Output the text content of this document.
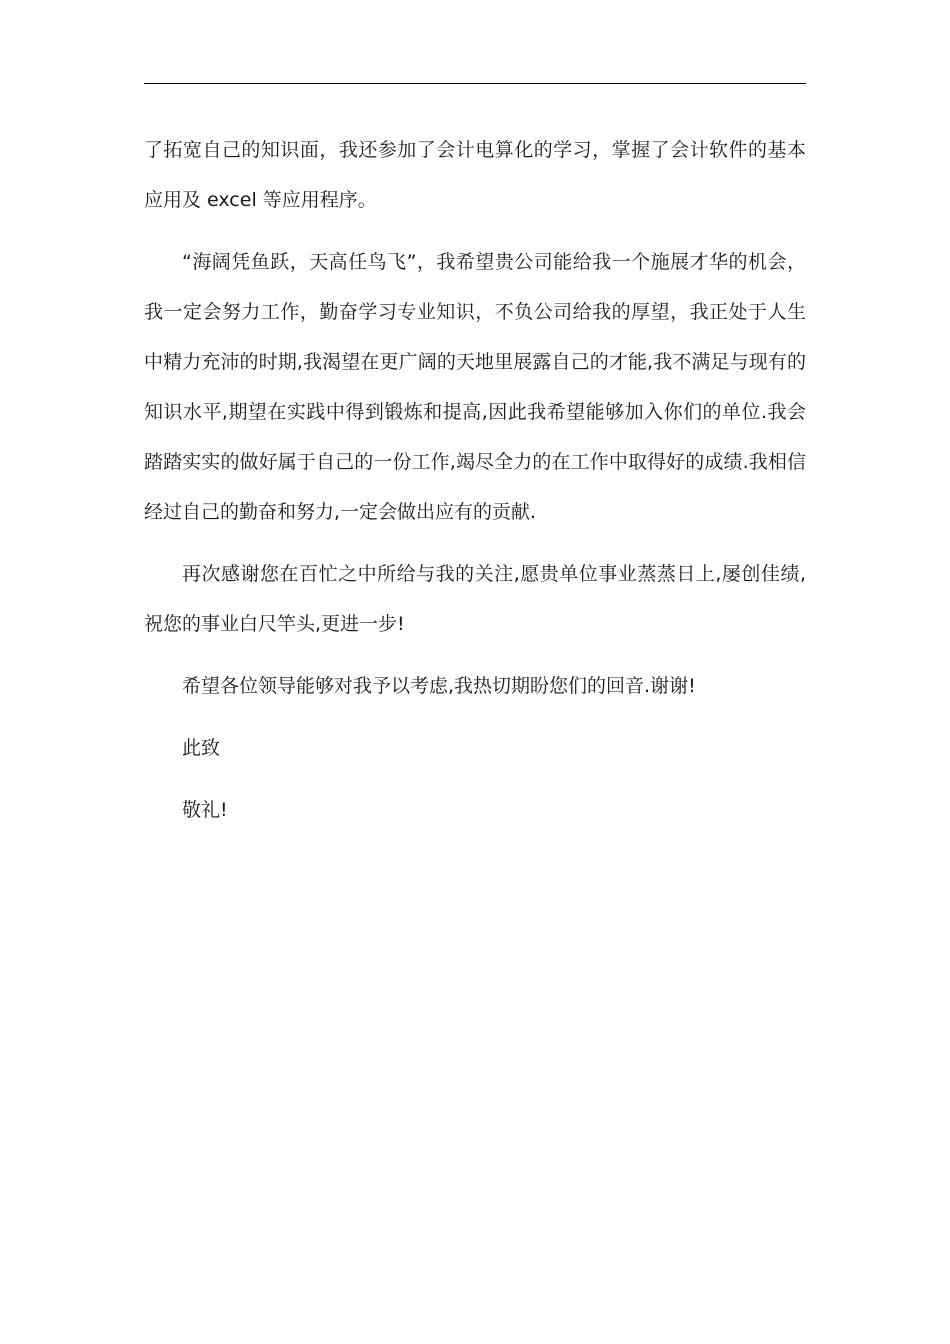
了拓宽自己的知识面，我还参加了会计电算化的学习，掌握了会计软件的基本应用及 excel 等应用程序。

“海阔凭鱼跃，天高任鸟飞”，我希望贵公司能给我一个施展才华的机会，我一定会努力工作，勤奋学习专业知识，不负公司给我的厚望，我正处于人生中精力充沛的时期,我渴望在更广阔的天地里展露自己的才能,我不满足与现有的知识水平,期望在实践中得到锻炼和提高,因此我希望能够加入你们的单位.我会踏踏实实的做好属于自己的一份工作,竭尽全力的在工作中取得好的成绩.我相信经过自己的勤奋和努力,一定会做出应有的贡献.

再次感谢您在百忙之中所给与我的关注,愿贵单位事业蒸蒸日上,屡创佳绩,祝您的事业白尺竿头,更进一步!

希望各位领导能够对我予以考虑,我热切期盼您们的回音.谢谢!

此致

敬礼!
